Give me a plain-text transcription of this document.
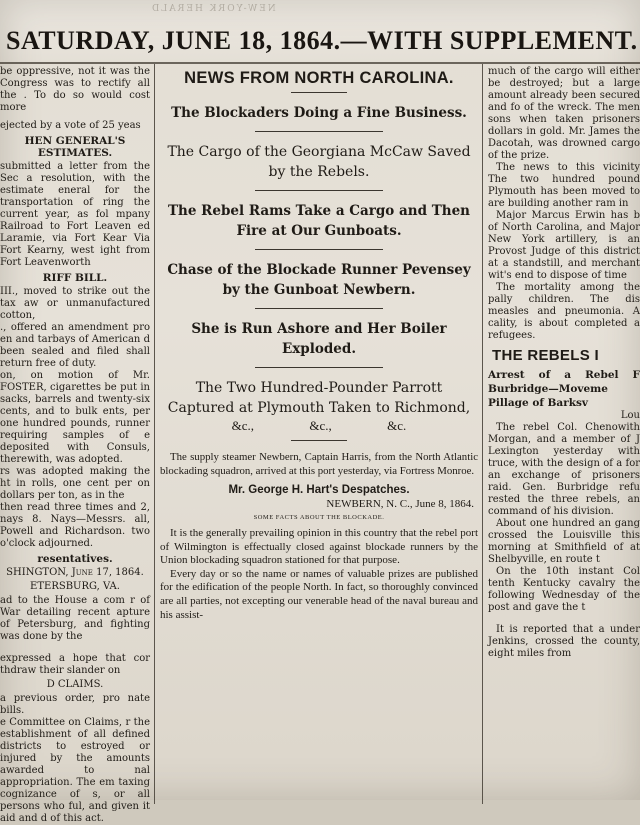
NEW-YORK HERALD
SATURDAY, JUNE 18, 1864.—WITH SUPPLEMENT.

be oppressive, not it was the Congress was to rectify all the . To do so would cost more

ejected by a vote of 25 yeas

HEN GENERAL'S ESTIMATES.

submitted a letter from the Sec a resolution, with the estimate eneral for the transportation of ring the current year, as fol mpany Railroad to Fort Leaven ed Laramie, via Fort Kear Via Fort Kearny, west ight from Fort Leavenworth

RIFF BILL.

III., moved to strike out the tax aw or unmanufactured cotton,

., offered an amendment pro en and tarbays of American d been sealed and filed shall return free of duty.

on, on motion of Mr. FOSTER, cigarettes be put in sacks, barrels and twenty-six cents, and to bulk ents, per one hundred pounds, runner requiring samples of e deposited with Consuls, therewith, was adopted.

rs was adopted making the ht in rolls, one cent per on dollars per ton, as in the

then read three times and 2, nays 8. Nays—Messrs. all, Powell and Richardson. two o'clock adjourned.

resentatives.
SHINGTON, June 17, 1864.
ETERSBURG, VA.

ad to the House a com r of War detailing recent apture of Petersburg, and fighting was done by the

expressed a hope that cor thdraw their slander on

D CLAIMS.

a previous order, pro nate bills.

e Committee on Claims, r the establishment of all defined districts to estroyed or injured by the amounts awarded to nal appropriation. The em taxing cognizance of s, or all persons who ful, and given it aid and d of this act.

NEWS FROM NORTH CAROLINA.
The Blockaders Doing a Fine Business.
The Cargo of the Georgiana McCaw Saved by the Rebels.
The Rebel Rams Take a Cargo and Then Fire at Our Gunboats.
Chase of the Blockade Runner Pevensey by the Gunboat Newbern.
She is Run Ashore and Her Boiler Exploded.
The Two Hundred-Pounder Parrott Captured at Plymouth Taken to Richmond,
&c.,	&c.,	&c.

The supply steamer Newbern, Captain Harris, from the North Atlantic blockading squadron, arrived at this port yesterday, via Fortress Monroe.

Mr. George H. Hart's Despatches.
NEWBERN, N. C., June 8, 1864.
SOME FACTS ABOUT THE BLOCKADE.

It is the generally prevailing opinion in this country that the rebel port of Wilmington is effectually closed against blockade runners by the Union blockading squadron stationed for that purpose.

Every day or so the name or names of valuable prizes are published for the edification of the people North. In fact, so thoroughly convinced are all parties, not excepting our venerable head of the naval bureau and his assist-

much of the cargo will either be destroyed; but a large amount already been secured and fo of the wreck. The men sons when taken prisoners dollars in gold. Mr. James the Dacotah, was drowned cargo of the prize.

The news to this vicinity The two hundred pound Plymouth has been moved to are building another ram in

Major Marcus Erwin has b of North Carolina, and Major New York artillery, is an Provost Judge of this district at a standstill, and merchant wit's end to dispose of time

The mortality among the pally children. The dis measles and pneumonia. A cality, is about completed a refugees.

THE REBELS I
Arrest of a Rebel F Burbridge—Moveme Pillage of Barksv
Lou

The rebel Col. Chenowith Morgan, and a member of J Lexington yesterday with truce, with the design of a for an exchange of prisoners raid. Gen. Burbridge refu rested the three rebels, an command of his division.

About one hundred an gang crossed the Louisville this morning at Smithfield of at Shelbyville, en route t

On the 10th instant Col tenth Kentucky cavalry the following Wednesday of the post and gave the t

It is reported that a under Jenkins, crossed the county, eight miles from
